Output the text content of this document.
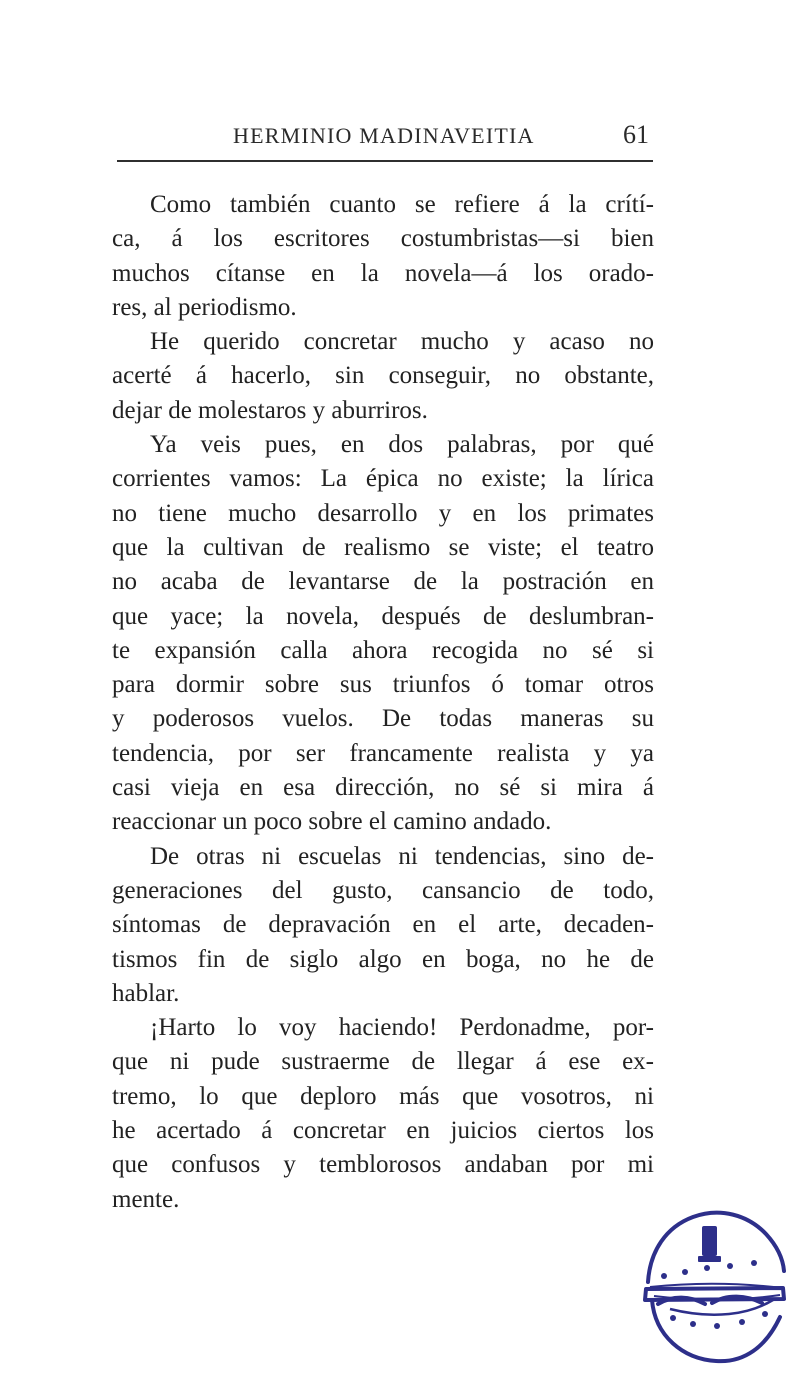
HERMINIO MADINAVEITIA	61
Como también cuanto se refiere á la crítí-
ca, á los escritores costumbristas—si bien
muchos cítanse en la novela—á los orado-
res, al periodismo.
He querido concretar mucho y acaso no
acerté á hacerlo, sin conseguir, no obstante,
dejar de molestaros y aburriros.
Ya veis pues, en dos palabras, por qué
corrientes vamos: La épica no existe; la lírica
no tiene mucho desarrollo y en los primates
que la cultivan de realismo se viste; el teatro
no acaba de levantarse de la postración en
que yace; la novela, después de deslumbran-
te expansión calla ahora recogida no sé si
para dormir sobre sus triunfos ó tomar otros
y poderosos vuelos. De todas maneras su
tendencia, por ser francamente realista y ya
casi vieja en esa dirección, no sé si mira á
reaccionar un poco sobre el camino andado.
De otras ni escuelas ni tendencias, sino de-
generaciones del gusto, cansancio de todo,
síntomas de depravación en el arte, decaden-
tismos fin de siglo algo en boga, no he de
hablar.
¡Harto lo voy haciendo! Perdonadme, por-
que ni pude sustraerme de llegar á ese ex-
tremo, lo que deploro más que vosotros, ni
he acertado á concretar en juicios ciertos los
que confusos y temblorosos andaban por mi
mente.
